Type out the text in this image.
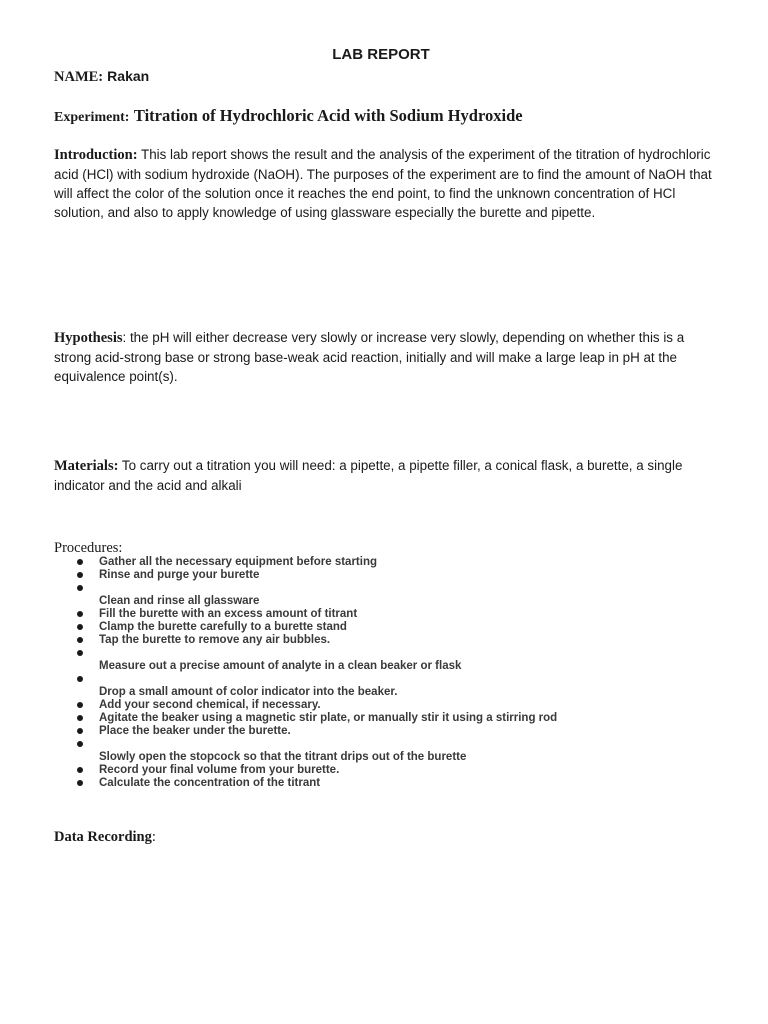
LAB REPORT
NAME: Rakan
Experiment: Titration of Hydrochloric Acid with Sodium Hydroxide

Introduction: This lab report shows the result and the analysis of the experiment of the titration of hydrochloric acid (HCl) with sodium hydroxide (NaOH). The purposes of the experiment are to find the amount of NaOH that will affect the color of the solution once it reaches the end point, to find the unknown concentration of HCl solution, and also to apply knowledge of using glassware especially the burette and pipette.

Hypothesis: the pH will either decrease very slowly or increase very slowly, depending on whether this is a strong acid-strong base or strong base-weak acid reaction, initially and will make a large leap in pH at the equivalence point(s).

Materials: To carry out a titration you will need: a pipette, a pipette filler, a conical flask, a burette, a single indicator and the acid and alkali

Procedures:
Gather all the necessary equipment before starting
Rinse and purge your burette
Clean and rinse all glassware
Fill the burette with an excess amount of titrant
Clamp the burette carefully to a burette stand
Tap the burette to remove any air bubbles.
Measure out a precise amount of analyte in a clean beaker or flask
Drop a small amount of color indicator into the beaker.
Add your second chemical, if necessary.
Agitate the beaker using a magnetic stir plate, or manually stir it using a stirring rod
Place the beaker under the burette.
Slowly open the stopcock so that the titrant drips out of the burette
Record your final volume from your burette.
Calculate the concentration of the titrant
Data Recording:
